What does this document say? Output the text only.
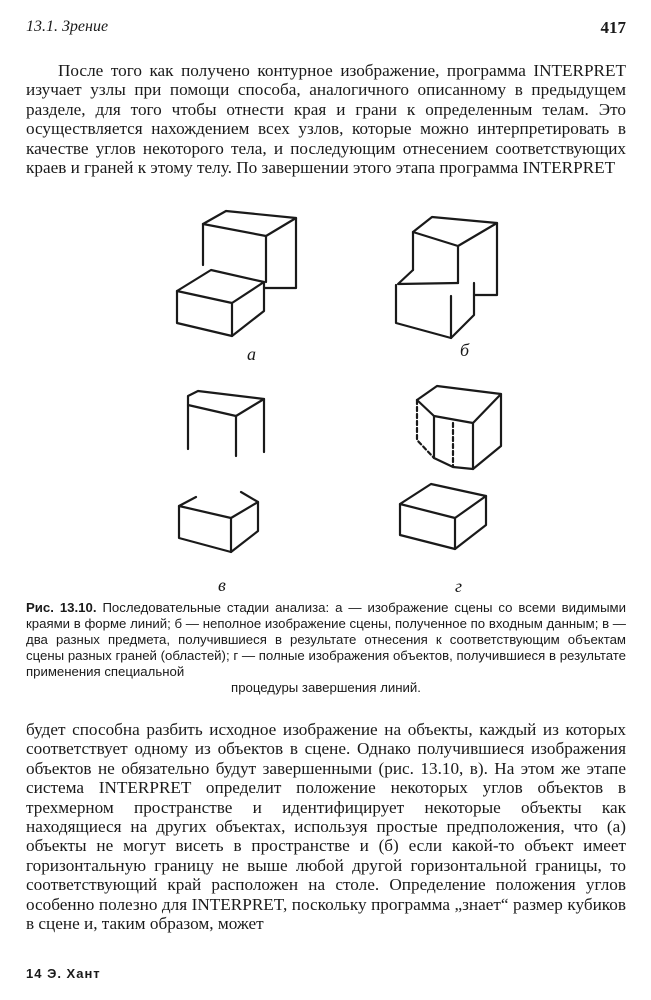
13.1. Зрение	417

После того как получено контурное изображение, программа INTERPRET изучает узлы при помощи способа, аналогичного описанному в предыдущем разделе, для того чтобы отнести края и грани к определенным телам. Это осуществляется нахождением всех узлов, которые можно интерпретировать в качестве углов некоторого тела, и последующим отнесением соответствующих краев и граней к этому телу. По завершении этого этапа программа INTERPRET

а	б
в	г
Рис. 13.10. Последовательные стадии анализа: а — изображение сцены со всеми видимыми краями в форме линий; б — неполное изображение сцены, полученное по входным данным; в — два разных предмета, получившиеся в результате отнесения к соответствующим объектам сцены разных граней (областей); г — полные изображения объектов, получившиеся в результате применения специальной
процедуры завершения линий.

будет способна разбить исходное изображение на объекты, каждый из которых соответствует одному из объектов в сцене. Однако получившиеся изображения объектов не обязательно будут завершенными (рис. 13.10, в). На этом же этапе система INTERPRET определит положение некоторых углов объектов в трехмерном пространстве и идентифицирует некоторые объекты как находящиеся на других объектах, используя простые предположения, что (а) объекты не могут висеть в пространстве и (б) если какой-то объект имеет горизонтальную границу не выше любой другой горизонтальной границы, то соответствующий край расположен на столе. Определение положения углов особенно полезно для INTERPRET, поскольку программа „знает“ размер кубиков в сцене и, таким образом, может

14 Э. Хант
